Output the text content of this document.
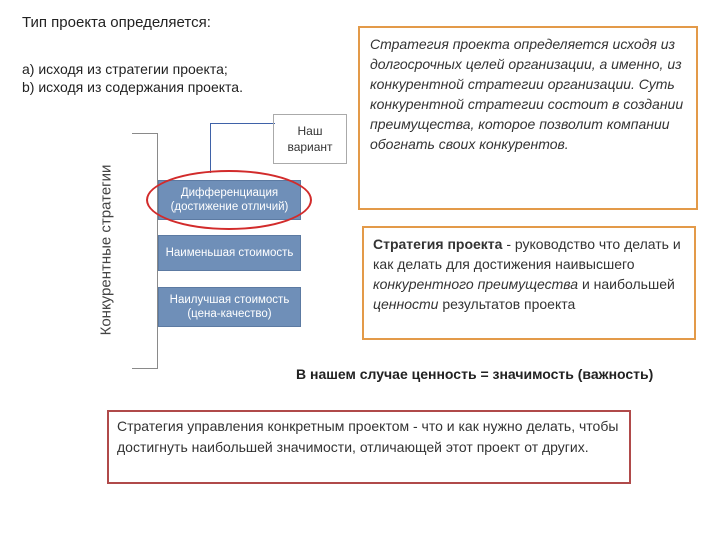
Тип проекта определяется:
a) исходя из стратегии проекта;
b) исходя из содержания проекта.
Конкурентные стратегии
Наш
вариант
Дифференциация
(достижение отличий)
Наименьшая стоимость
Наилучшая стоимость
(цена-качество)
Стратегия проекта определяется исходя из долгосрочных целей организации, а именно, из конкурентной стратегии организации. Суть конкурентной стратегии состоит в создании преимущества, которое позволит компании обогнать своих конкурентов.
Стратегия проекта - руководство что делать и как делать для достижения наивысшего конкурентного преимущества и наибольшей ценности результатов проекта
В нашем случае ценность = значимость (важность)
Стратегия управления конкретным проектом - что и как нужно делать, чтобы достигнуть наибольшей значимости, отличающей этот проект от других.
